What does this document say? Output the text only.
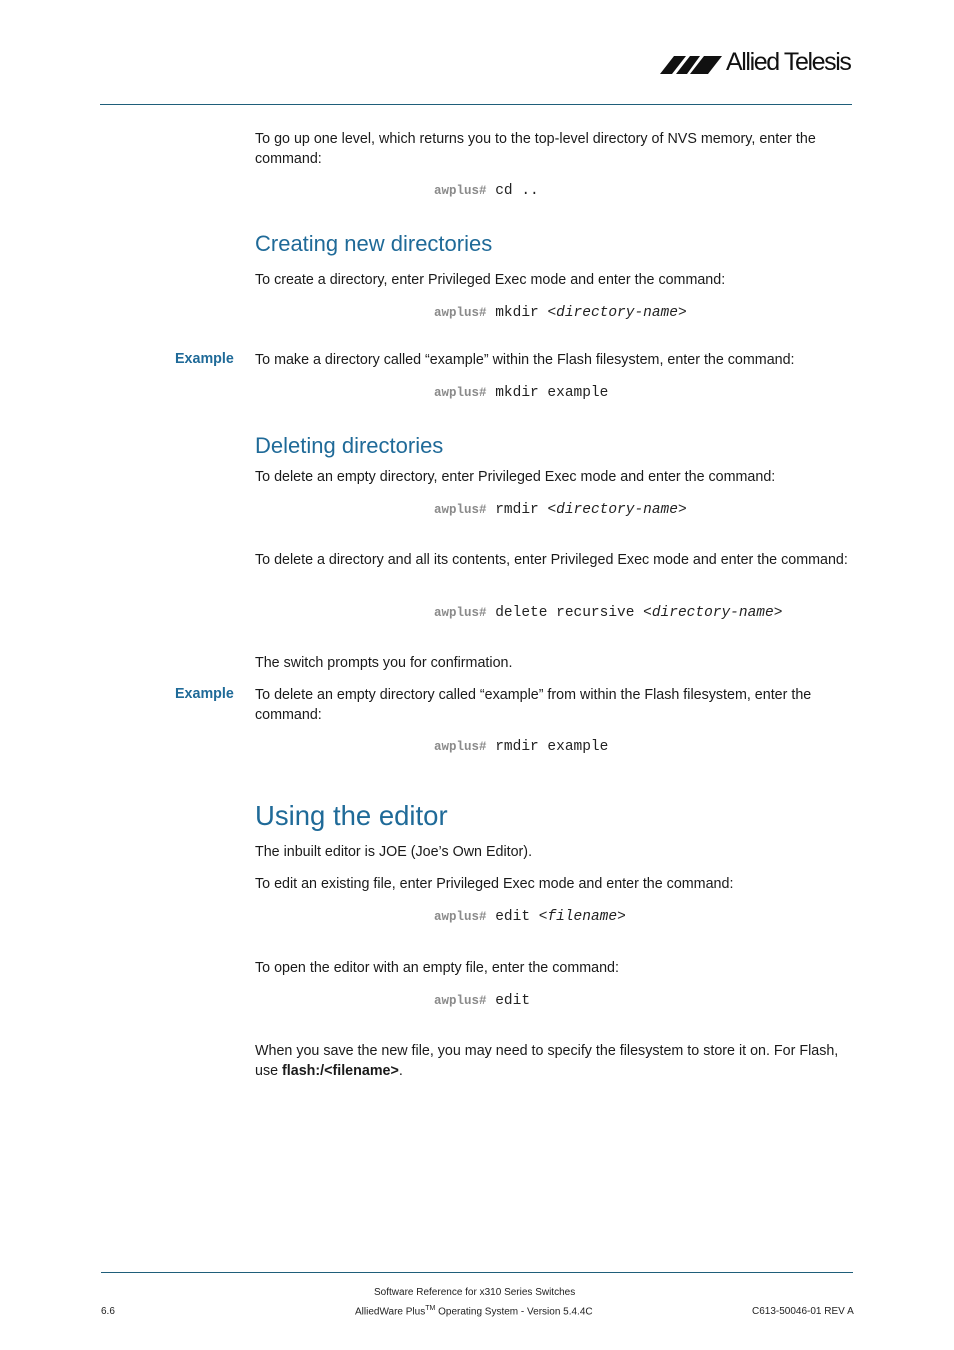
Allied Telesis
To go up one level, which returns you to the top-level directory of NVS memory, enter the command:
awplus# cd ..
Creating new directories
To create a directory, enter Privileged Exec mode and enter the command:
awplus# mkdir <directory-name>
Example To make a directory called “example” within the Flash filesystem, enter the command:
awplus# mkdir example
Deleting directories
To delete an empty directory, enter Privileged Exec mode and enter the command:
awplus# rmdir <directory-name>
To delete a directory and all its contents, enter Privileged Exec mode and enter the command:
awplus# delete recursive <directory-name>
The switch prompts you for confirmation.
Example To delete an empty directory called “example” from within the Flash filesystem, enter the command:
awplus# rmdir example
Using the editor
The inbuilt editor is JOE (Joe’s Own Editor).
To edit an existing file, enter Privileged Exec mode and enter the command:
awplus# edit <filename>
To open the editor with an empty file, enter the command:
awplus# edit
When you save the new file, you may need to specify the filesystem to store it on. For Flash, use flash:/<filename>.
Software Reference for x310 Series Switches
AlliedWare Plus™ Operating System - Version 5.4.4C
6.6	C613-50046-01 REV A
